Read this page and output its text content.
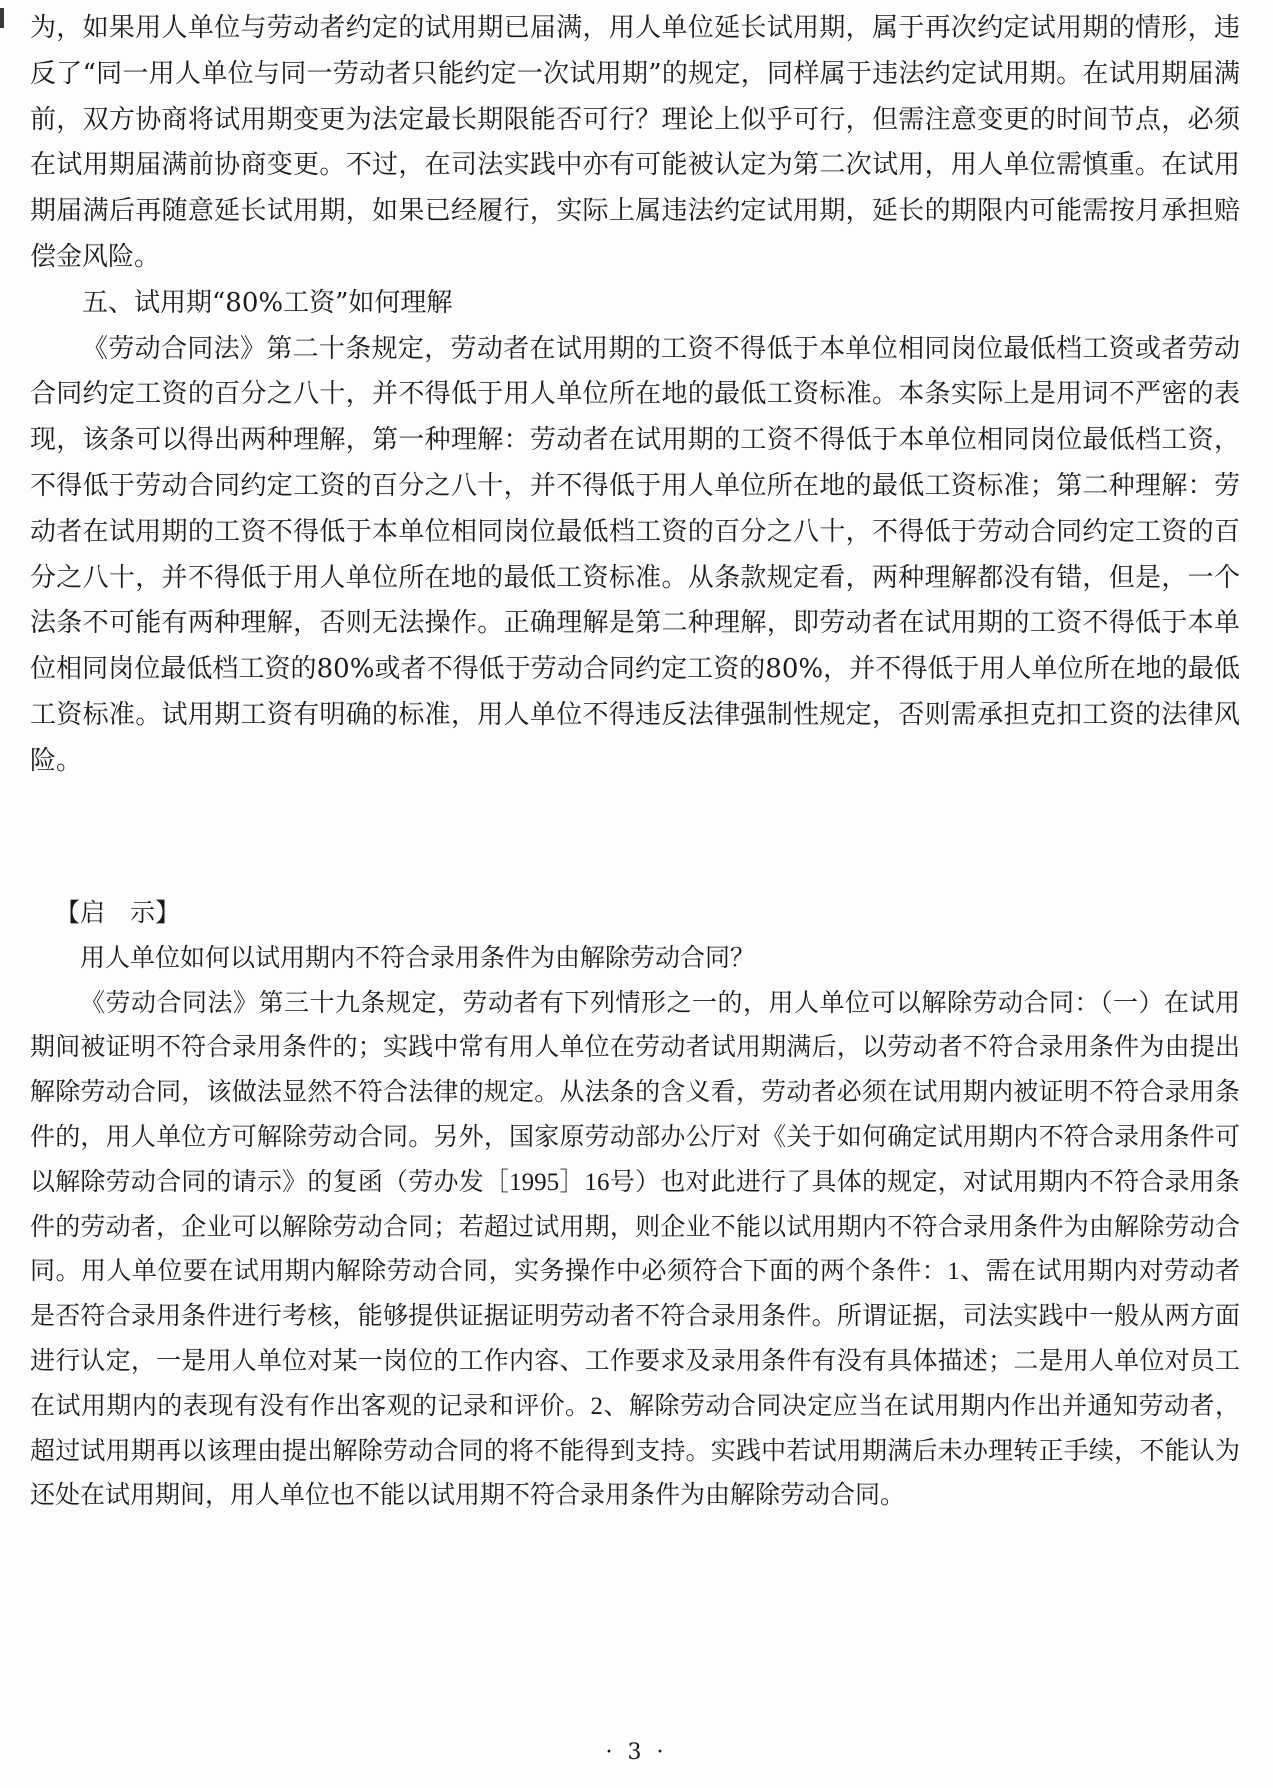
为，如果用人单位与劳动者约定的试用期已届满，用人单位延长试用期，属于再次约定试用期的情形，违反了“同一用人单位与同一劳动者只能约定一次试用期”的规定，同样属于违法约定试用期。在试用期届满前，双方协商将试用期变更为法定最长期限能否可行？理论上似乎可行，但需注意变更的时间节点，必须在试用期届满前协商变更。不过，在司法实践中亦有可能被认定为第二次试用，用人单位需慎重。在试用期届满后再随意延长试用期，如果已经履行，实际上属违法约定试用期，延长的期限内可能需按月承担赔偿金风险。

五、试用期“80%工资”如何理解

《劳动合同法》第二十条规定，劳动者在试用期的工资不得低于本单位相同岗位最低档工资或者劳动合同约定工资的百分之八十，并不得低于用人单位所在地的最低工资标准。本条实际上是用词不严密的表现，该条可以得出两种理解，第一种理解：劳动者在试用期的工资不得低于本单位相同岗位最低档工资，不得低于劳动合同约定工资的百分之八十，并不得低于用人单位所在地的最低工资标准；第二种理解：劳动者在试用期的工资不得低于本单位相同岗位最低档工资的百分之八十，不得低于劳动合同约定工资的百分之八十，并不得低于用人单位所在地的最低工资标准。从条款规定看，两种理解都没有错，但是，一个法条不可能有两种理解，否则无法操作。正确理解是第二种理解，即劳动者在试用期的工资不得低于本单位相同岗位最低档工资的80%或者不得低于劳动合同约定工资的80%，并不得低于用人单位所在地的最低工资标准。试用期工资有明确的标准，用人单位不得违反法律强制性规定，否则需承担克扣工资的法律风险。

【启　示】

用人单位如何以试用期内不符合录用条件为由解除劳动合同？

《劳动合同法》第三十九条规定，劳动者有下列情形之一的，用人单位可以解除劳动合同：（一）在试用期间被证明不符合录用条件的；实践中常有用人单位在劳动者试用期满后，以劳动者不符合录用条件为由提出解除劳动合同，该做法显然不符合法律的规定。从法条的含义看，劳动者必须在试用期内被证明不符合录用条件的，用人单位方可解除劳动合同。另外，国家原劳动部办公厅对《关于如何确定试用期内不符合录用条件可以解除劳动合同的请示》的复函（劳办发［1995］16号）也对此进行了具体的规定，对试用期内不符合录用条件的劳动者，企业可以解除劳动合同；若超过试用期，则企业不能以试用期内不符合录用条件为由解除劳动合同。用人单位要在试用期内解除劳动合同，实务操作中必须符合下面的两个条件：1、需在试用期内对劳动者是否符合录用条件进行考核，能够提供证据证明劳动者不符合录用条件。所谓证据，司法实践中一般从两方面进行认定，一是用人单位对某一岗位的工作内容、工作要求及录用条件有没有具体描述；二是用人单位对员工在试用期内的表现有没有作出客观的记录和评价。2、解除劳动合同决定应当在试用期内作出并通知劳动者，超过试用期再以该理由提出解除劳动合同的将不能得到支持。实践中若试用期满后未办理转正手续，不能认为还处在试用期间，用人单位也不能以试用期不符合录用条件为由解除劳动合同。

· 3 ·
